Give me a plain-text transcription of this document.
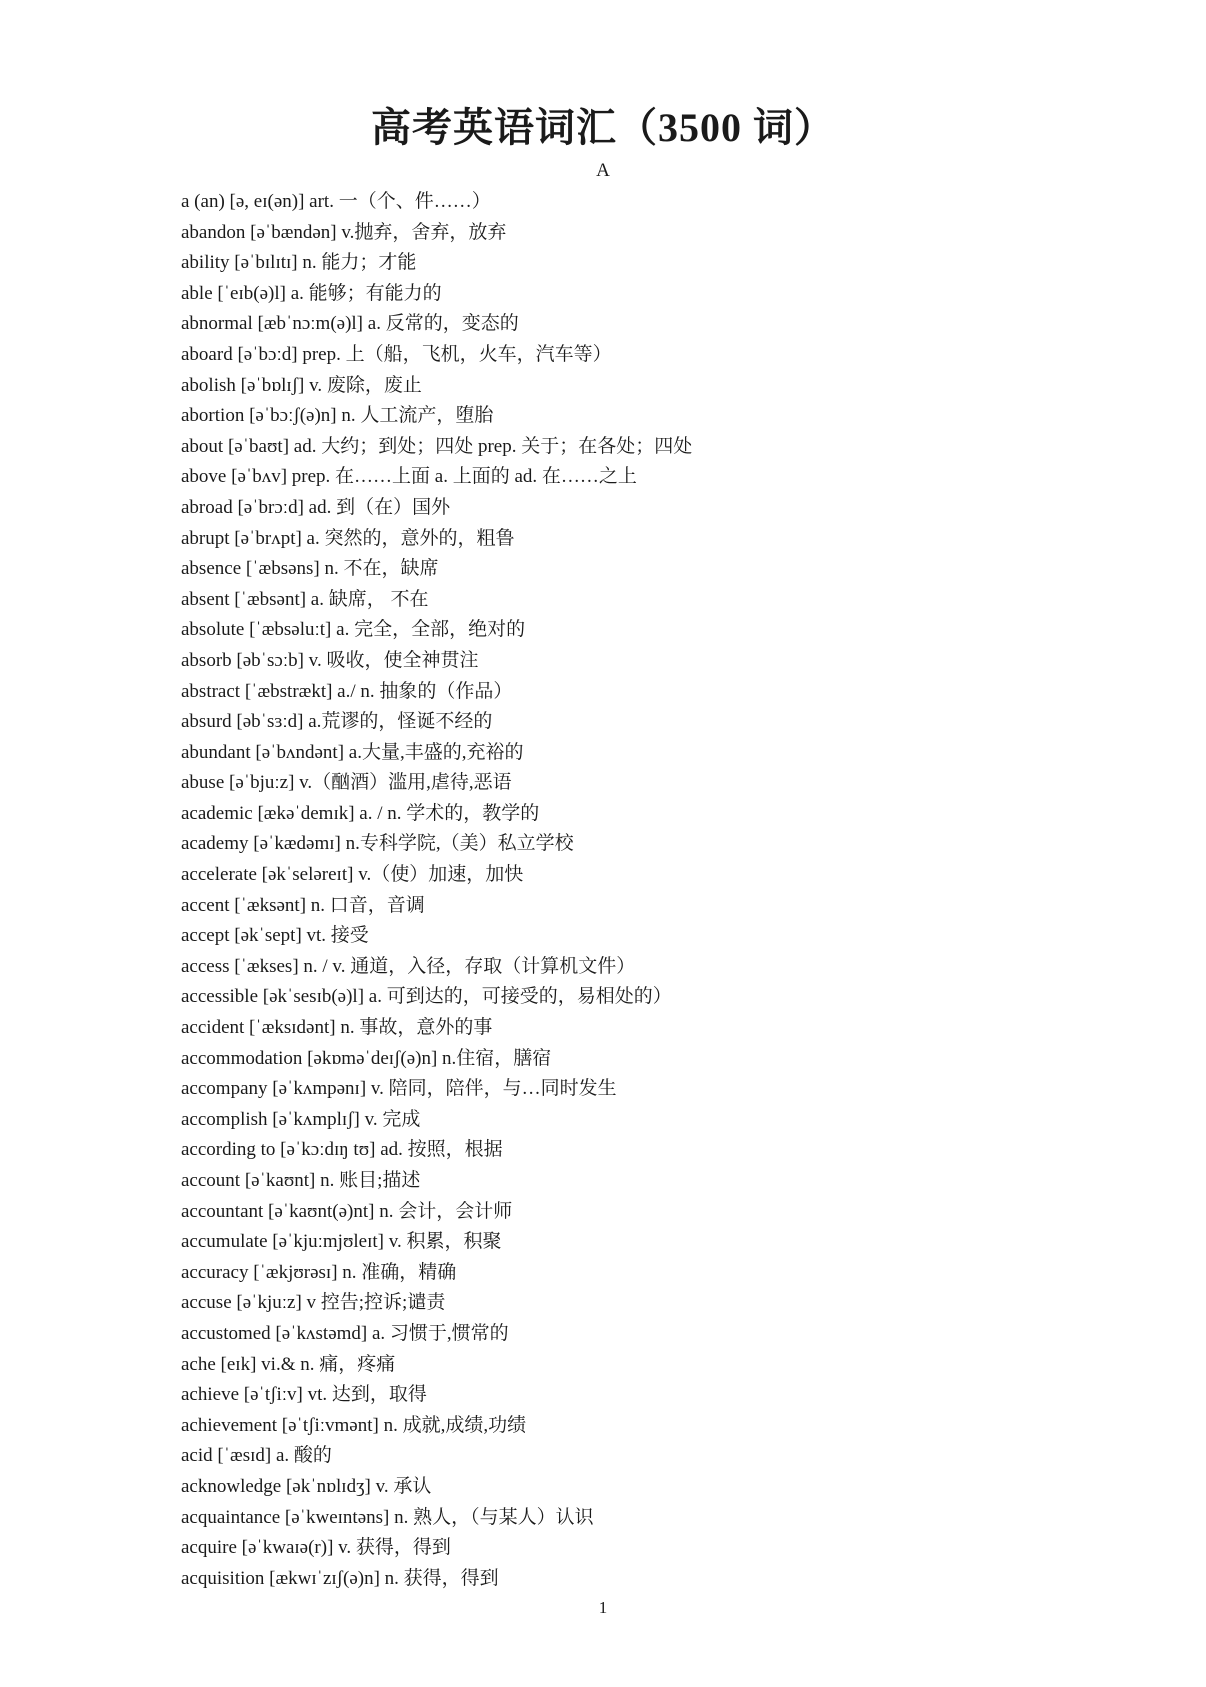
高考英语词汇（3500 词）
A
a (an) [ə, eɪ(ən)] art. 一（个、件……）
abandon [əˈbændən] v.抛弃，舍弃，放弃
ability [əˈbɪlɪtɪ] n. 能力；才能
able [ˈeɪb(ə)l] a. 能够；有能力的
abnormal [æbˈnɔːm(ə)l] a. 反常的，变态的
aboard [əˈbɔːd] prep. 上（船，飞机，火车，汽车等）
abolish [əˈbɒlɪʃ] v. 废除，废止
abortion [əˈbɔːʃ(ə)n] n. 人工流产，堕胎
about [əˈbaʊt] ad. 大约；到处；四处 prep. 关于；在各处；四处
above [əˈbʌv] prep. 在……上面 a. 上面的 ad. 在……之上
abroad [əˈbrɔːd] ad. 到（在）国外
abrupt [əˈbrʌpt] a. 突然的，意外的，粗鲁
absence [ˈæbsəns] n. 不在，缺席
absent [ˈæbsənt] a. 缺席， 不在
absolute [ˈæbsəluːt] a. 完全，全部，绝对的
absorb [əbˈsɔːb] v. 吸收，使全神贯注
abstract [ˈæbstrækt] a./ n. 抽象的（作品）
absurd [əbˈsɜːd] a.荒谬的，怪诞不经的
abundant [əˈbʌndənt] a.大量,丰盛的,充裕的
abuse [əˈbjuːz] v.（酗酒）滥用,虐待,恶语
academic [ækəˈdemɪk] a. / n. 学术的，教学的
academy [əˈkædəmɪ] n.专科学院,（美）私立学校
accelerate [əkˈseləreɪt] v.（使）加速，加快
accent [ˈæksənt] n. 口音，音调
accept [əkˈsept] vt. 接受
access [ˈækses] n. / v. 通道，入径，存取（计算机文件）
accessible [əkˈsesɪb(ə)l] a. 可到达的，可接受的，易相处的）
accident [ˈæksɪdənt] n. 事故，意外的事
accommodation [əkɒməˈdeɪʃ(ə)n] n.住宿，膳宿
accompany [əˈkʌmpənɪ] v. 陪同，陪伴，与…同时发生
accomplish [əˈkʌmplɪʃ] v. 完成
according to [əˈkɔːdɪŋ tʊ] ad. 按照，根据
account [əˈkaʊnt] n. 账目;描述
accountant [əˈkaʊnt(ə)nt] n. 会计，会计师
accumulate [əˈkjuːmjʊleɪt] v. 积累，积聚
accuracy [ˈækjʊrəsɪ] n. 准确，精确
accuse [əˈkjuːz] v 控告;控诉;谴责
accustomed [əˈkʌstəmd] a. 习惯于,惯常的
ache [eɪk] vi.& n. 痛，疼痛
achieve [əˈtʃiːv] vt. 达到，取得
achievement [əˈtʃiːvmənt] n. 成就,成绩,功绩
acid [ˈæsɪd] a. 酸的
acknowledge [əkˈnɒlɪdʒ] v. 承认
acquaintance [əˈkweɪntəns] n. 熟人，（与某人）认识
acquire [əˈkwaɪə(r)] v. 获得，得到
acquisition [ækwɪˈzɪʃ(ə)n] n. 获得，得到
1
